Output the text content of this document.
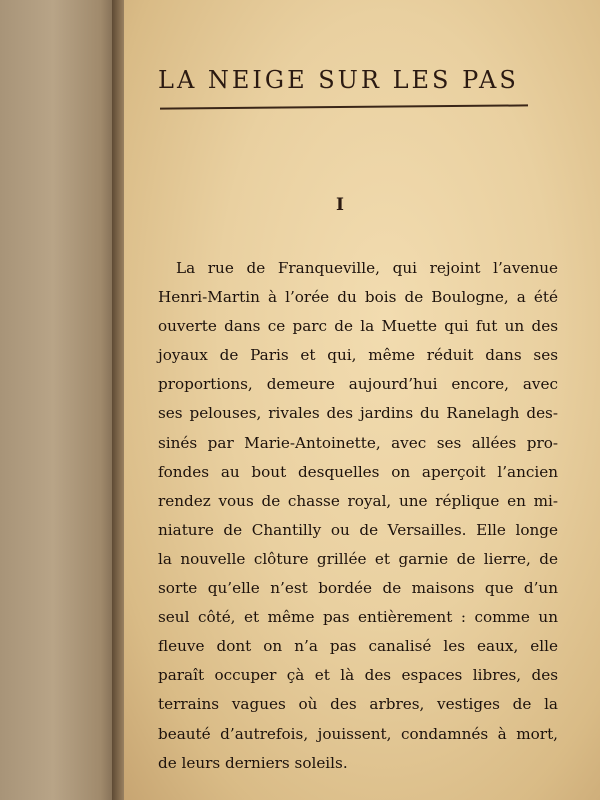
LA NEIGE SUR LES PAS
I

La rue de Franqueville, qui rejoint l’avenue
Henri-Martin à l’orée du bois de Boulogne, a été
ouverte dans ce parc de la Muette qui fut un des
joyaux de Paris et qui, même réduit dans ses
proportions, demeure aujourd’hui encore, avec
ses pelouses, rivales des jardins du Ranelagh des-
sinés par Marie-Antoinette, avec ses allées pro-
fondes au bout desquelles on aperçoit l’ancien
rendez vous de chasse royal, une réplique en mi-
niature de Chantilly ou de Versailles. Elle longe
la nouvelle clôture grillée et garnie de lierre, de
sorte qu’elle n’est bordée de maisons que d’un
seul côté, et même pas entièrement : comme un
fleuve dont on n’a pas canalisé les eaux, elle
paraît occuper çà et là des espaces libres, des
terrains vagues où des arbres, vestiges de la
beauté d’autrefois, jouissent, condamnés à mort,
de leurs derniers soleils.
